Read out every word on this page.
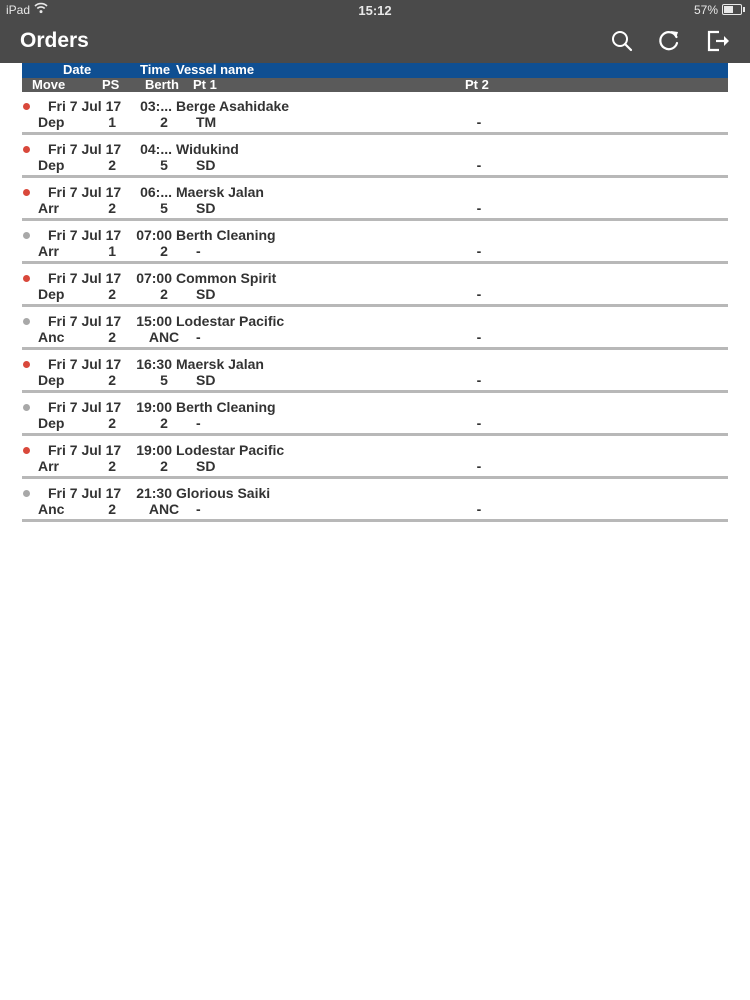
iPad	15:12	57%
Orders
Date	Time Vessel name
Move	PS Berth Pt 1	Pt 2
Fri 7 Jul 17	03:... Berge Asahidake
Dep	1	2	TM	-
Fri 7 Jul 17	04:... Widukind
Dep	2	5	SD	-
Fri 7 Jul 17	06:... Maersk Jalan
Arr	2	5	SD	-
Fri 7 Jul 17 07:00 Berth Cleaning
Arr	1	2	-	-
Fri 7 Jul 17 07:00 Common Spirit
Dep	2	2	SD	-
Fri 7 Jul 17 15:00 Lodestar Pacific
Anc	2 ANC -	-
Fri 7 Jul 17 16:30 Maersk Jalan
Dep	2	5	SD	-
Fri 7 Jul 17 19:00 Berth Cleaning
Dep	2	2	-	-
Fri 7 Jul 17 19:00 Lodestar Pacific
Arr	2	2	SD	-
Fri 7 Jul 17 21:30 Glorious Saiki
Anc	2 ANC -	-
